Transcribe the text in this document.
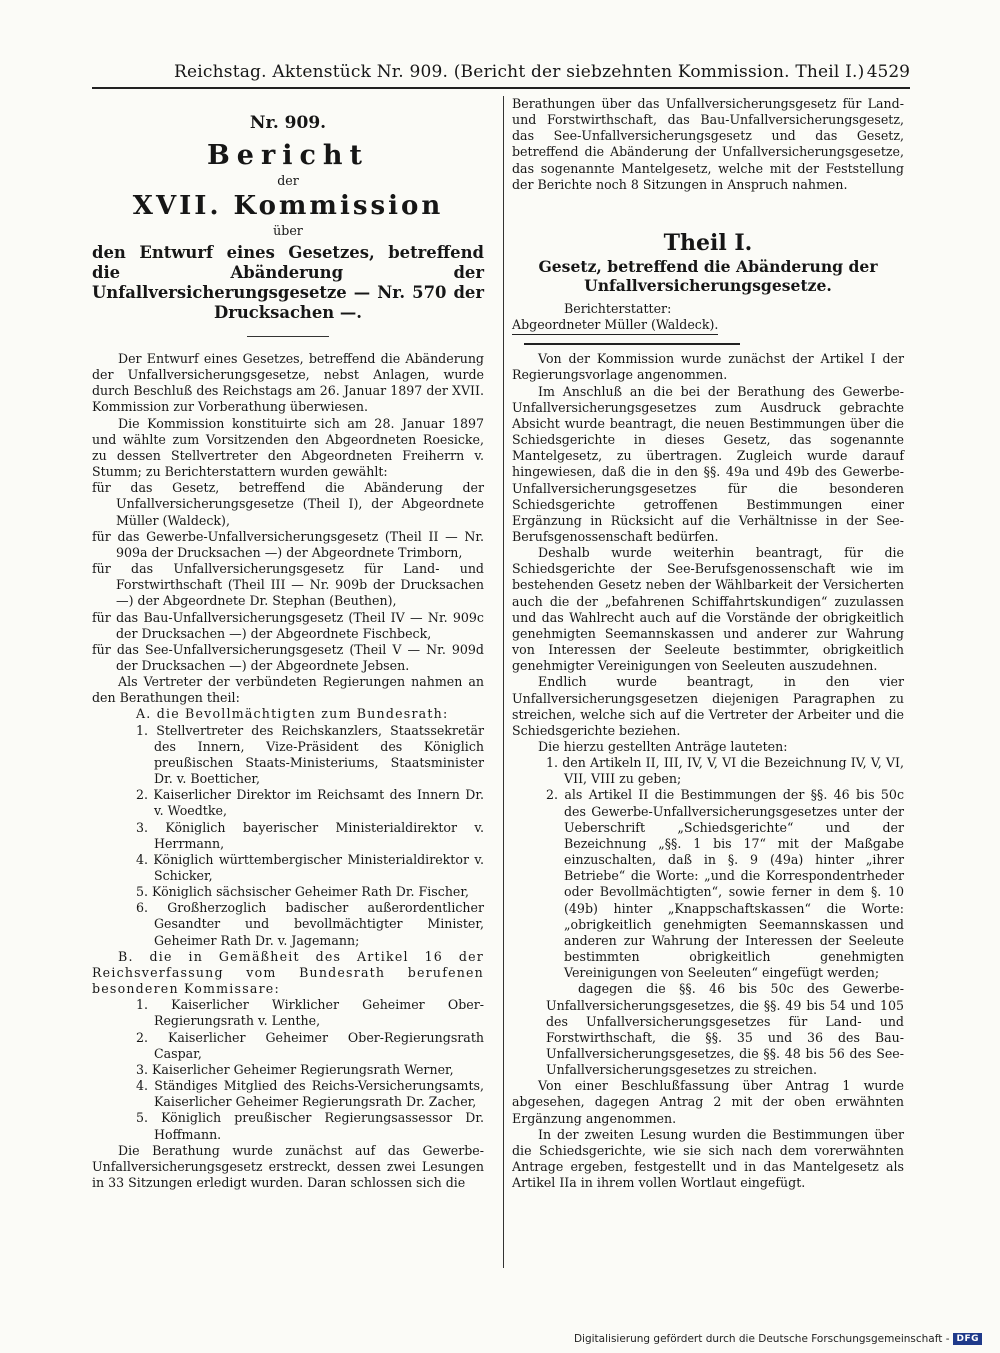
Reichstag. Aktenstück Nr. 909. (Bericht der siebzehnten Kommission. Theil I.) 4529

Nr. 909.

Bericht

der

XVII. Kommission

über

den Entwurf eines Gesetzes, betreffend die Abänderung der Unfallversicherungsgesetze — Nr. 570 der Drucksachen —.

Der Entwurf eines Gesetzes, betreffend die Abänderung der Unfallversicherungsgesetze, nebst Anlagen, wurde durch Beschluß des Reichstags am 26. Januar 1897 der XVII. Kommission zur Vorberathung überwiesen.

Die Kommission konstituirte sich am 28. Januar 1897 und wählte zum Vorsitzenden den Abgeordneten Roesicke, zu dessen Stellvertreter den Abgeordneten Freiherrn v. Stumm; zu Berichterstattern wurden gewählt:

für das Gesetz, betreffend die Abänderung der Unfallversicherungsgesetze (Theil I), der Abgeordnete Müller (Waldeck),

für das Gewerbe-Unfallversicherungsgesetz (Theil II — Nr. 909a der Drucksachen —) der Abgeordnete Trimborn,

für das Unfallversicherungsgesetz für Land- und Forstwirthschaft (Theil III — Nr. 909b der Drucksachen —) der Abgeordnete Dr. Stephan (Beuthen),

für das Bau-Unfallversicherungsgesetz (Theil IV — Nr. 909c der Drucksachen —) der Abgeordnete Fischbeck,

für das See-Unfallversicherungsgesetz (Theil V — Nr. 909d der Drucksachen —) der Abgeordnete Jebsen.

Als Vertreter der verbündeten Regierungen nahmen an den Berathungen theil:

A. die Bevollmächtigten zum Bundesrath:

1. Stellvertreter des Reichskanzlers, Staatssekretär des Innern, Vize-Präsident des Königlich preußischen Staats-Ministeriums, Staatsminister Dr. v. Boetticher,

2. Kaiserlicher Direktor im Reichsamt des Innern Dr. v. Woedtke,

3. Königlich bayerischer Ministerialdirektor v. Herrmann,

4. Königlich württembergischer Ministerialdirektor v. Schicker,

5. Königlich sächsischer Geheimer Rath Dr. Fischer,

6. Großherzoglich badischer außerordentlicher Gesandter und bevollmächtigter Minister, Geheimer Rath Dr. v. Jagemann;

B. die in Gemäßheit des Artikel 16 der Reichsverfassung vom Bundesrath berufenen besonderen Kommissare:

1. Kaiserlicher Wirklicher Geheimer Ober-Regierungsrath v. Lenthe,

2. Kaiserlicher Geheimer Ober-Regierungsrath Caspar,

3. Kaiserlicher Geheimer Regierungsrath Werner,

4. Ständiges Mitglied des Reichs-Versicherungsamts, Kaiserlicher Geheimer Regierungsrath Dr. Zacher,

5. Königlich preußischer Regierungsassessor Dr. Hoffmann.

Die Berathung wurde zunächst auf das Gewerbe-Unfallversicherungsgesetz erstreckt, dessen zwei Lesungen in 33 Sitzungen erledigt wurden. Daran schlossen sich die

Berathungen über das Unfallversicherungsgesetz für Land- und Forstwirthschaft, das Bau-Unfallversicherungsgesetz, das See-Unfallversicherungsgesetz und das Gesetz, betreffend die Abänderung der Unfallversicherungsgesetze, das sogenannte Mantelgesetz, welche mit der Feststellung der Berichte noch 8 Sitzungen in Anspruch nahmen.

Theil I.

Gesetz, betreffend die Abänderung der Unfallversicherungsgesetze.

Berichterstatter:

Abgeordneter Müller (Waldeck).

Von der Kommission wurde zunächst der Artikel I der Regierungsvorlage angenommen.

Im Anschluß an die bei der Berathung des Gewerbe-Unfallversicherungsgesetzes zum Ausdruck gebrachte Absicht wurde beantragt, die neuen Bestimmungen über die Schiedsgerichte in dieses Gesetz, das sogenannte Mantelgesetz, zu übertragen. Zugleich wurde darauf hingewiesen, daß die in den §§. 49a und 49b des Gewerbe-Unfallversicherungsgesetzes für die besonderen Schiedsgerichte getroffenen Bestimmungen einer Ergänzung in Rücksicht auf die Verhältnisse in der See-Berufsgenossenschaft bedürfen.

Deshalb wurde weiterhin beantragt, für die Schiedsgerichte der See-Berufsgenossenschaft wie im bestehenden Gesetz neben der Wählbarkeit der Versicherten auch die der „befahrenen Schiffahrtskundigen“ zuzulassen und das Wahlrecht auch auf die Vorstände der obrigkeitlich genehmigten Seemannskassen und anderer zur Wahrung von Interessen der Seeleute bestimmter, obrigkeitlich genehmigter Vereinigungen von Seeleuten auszudehnen.

Endlich wurde beantragt, in den vier Unfallversicherungsgesetzen diejenigen Paragraphen zu streichen, welche sich auf die Vertreter der Arbeiter und die Schiedsgerichte beziehen.

Die hierzu gestellten Anträge lauteten:

1. den Artikeln II, III, IV, V, VI die Bezeichnung IV, V, VI, VII, VIII zu geben;

2. als Artikel II die Bestimmungen der §§. 46 bis 50c des Gewerbe-Unfallversicherungsgesetzes unter der Ueberschrift „Schiedsgerichte“ und der Bezeichnung „§§. 1 bis 17“ mit der Maßgabe einzuschalten, daß in §. 9 (49a) hinter „ihrer Betriebe“ die Worte: „und die Korrespondentrheder oder Bevollmächtigten“, sowie ferner in dem §. 10 (49b) hinter „Knappschaftskassen“ die Worte: „obrigkeitlich genehmigten Seemannskassen und anderen zur Wahrung der Interessen der Seeleute bestimmten obrigkeitlich genehmigten Vereinigungen von Seeleuten“ eingefügt werden;

dagegen die §§. 46 bis 50c des Gewerbe-Unfallversicherungsgesetzes, die §§. 49 bis 54 und 105 des Unfallversicherungsgesetzes für Land- und Forstwirthschaft, die §§. 35 und 36 des Bau-Unfallversicherungsgesetzes, die §§. 48 bis 56 des See-Unfallversicherungsgesetzes zu streichen.

Von einer Beschlußfassung über Antrag 1 wurde abgesehen, dagegen Antrag 2 mit der oben erwähnten Ergänzung angenommen.

In der zweiten Lesung wurden die Bestimmungen über die Schiedsgerichte, wie sie sich nach dem vorerwähnten Antrage ergeben, festgestellt und in das Mantelgesetz als Artikel IIa in ihrem vollen Wortlaut eingefügt.

Digitalisierung gefördert durch die Deutsche Forschungsgemeinschaft - DFG
